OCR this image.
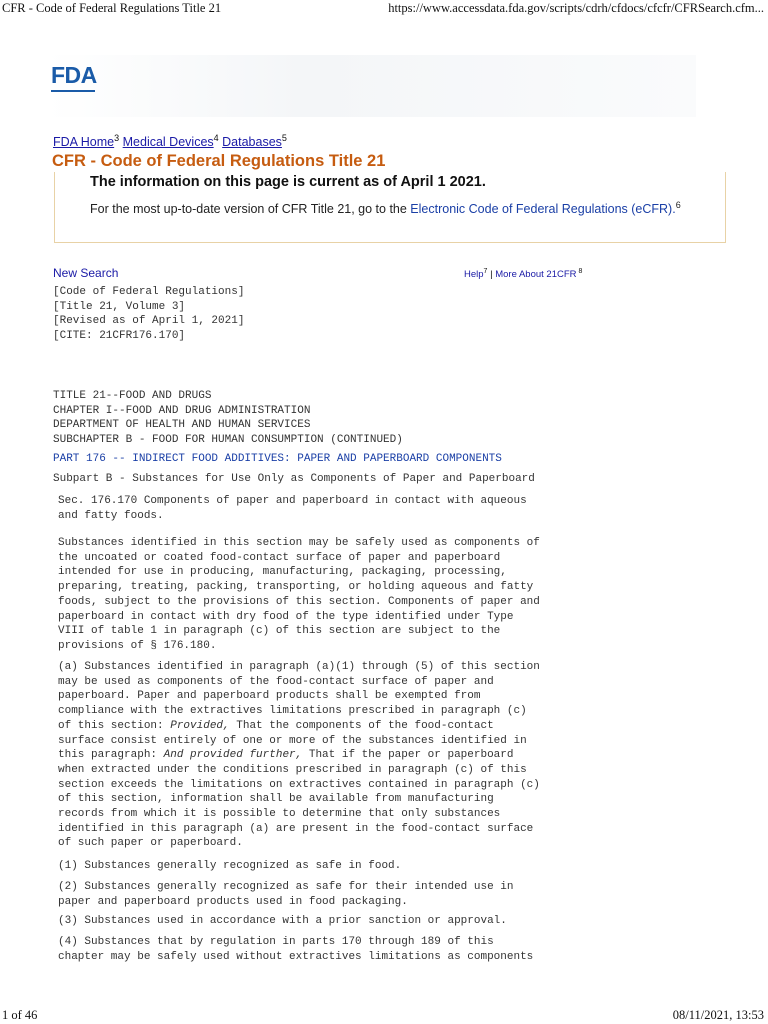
CFR - Code of Federal Regulations Title 21	https://www.accessdata.fda.gov/scripts/cdrh/cfdocs/cfcfr/CFRSearch.cfm...
FDA
FDA Home$^3$ Medical Devices$^4$ Databases$^5$
CFR - Code of Federal Regulations Title 21
The information on this page is current as of April 1 2021.
For the most up-to-date version of CFR Title 21, go to the Electronic Code of Federal Regulations (eCFR).$^6$
New Search	Help$^7$ | More About 21CFR $^8$
[Code of Federal Regulations]
[Title 21, Volume 3]
[Revised as of April 1, 2021]
[CITE: 21CFR176.170]
TITLE 21--FOOD AND DRUGS
CHAPTER I--FOOD AND DRUG ADMINISTRATION
DEPARTMENT OF HEALTH AND HUMAN SERVICES
SUBCHAPTER B - FOOD FOR HUMAN CONSUMPTION (CONTINUED)
PART 176 -- INDIRECT FOOD ADDITIVES: PAPER AND PAPERBOARD COMPONENTS
Subpart B - Substances for Use Only as Components of Paper and Paperboard
Sec. 176.170 Components of paper and paperboard in contact with aqueous
and fatty foods.
Substances identified in this section may be safely used as components of
the uncoated or coated food-contact surface of paper and paperboard
intended for use in producing, manufacturing, packaging, processing,
preparing, treating, packing, transporting, or holding aqueous and fatty
foods, subject to the provisions of this section. Components of paper and
paperboard in contact with dry food of the type identified under Type
VIII of table 1 in paragraph (c) of this section are subject to the
provisions of § 176.180.
(a) Substances identified in paragraph (a)(1) through (5) of this section
may be used as components of the food-contact surface of paper and
paperboard. Paper and paperboard products shall be exempted from
compliance with the extractives limitations prescribed in paragraph (c)
of this section: Provided, That the components of the food-contact
surface consist entirely of one or more of the substances identified in
this paragraph: And provided further, That if the paper or paperboard
when extracted under the conditions prescribed in paragraph (c) of this
section exceeds the limitations on extractives contained in paragraph (c)
of this section, information shall be available from manufacturing
records from which it is possible to determine that only substances
identified in this paragraph (a) are present in the food-contact surface
of such paper or paperboard.
(1) Substances generally recognized as safe in food.
(2) Substances generally recognized as safe for their intended use in
paper and paperboard products used in food packaging.
(3) Substances used in accordance with a prior sanction or approval.
(4) Substances that by regulation in parts 170 through 189 of this
chapter may be safely used without extractives limitations as components
1 of 46	08/11/2021, 13:53
